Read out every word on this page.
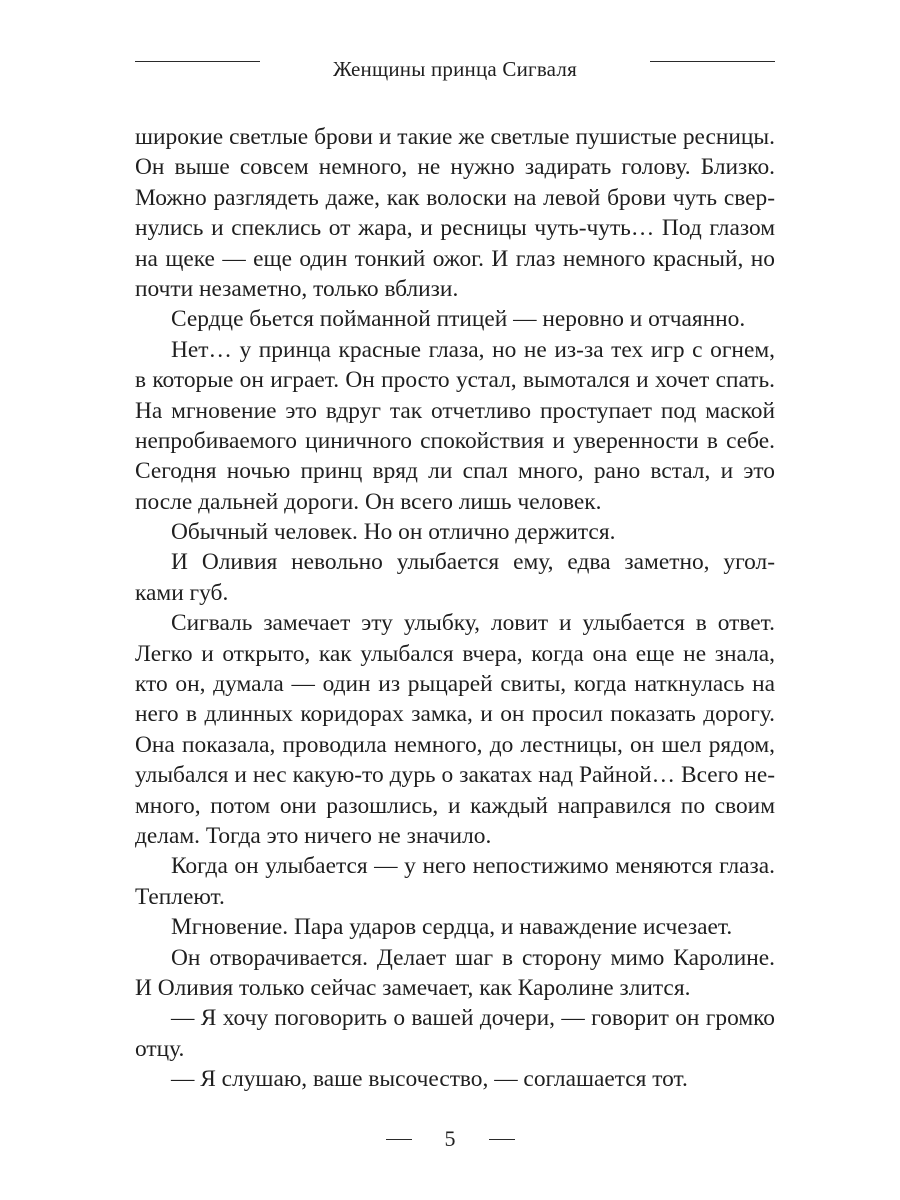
Женщины принца Сигваля
широкие светлые брови и такие же светлые пушистые ресницы.
Он выше совсем немного, не нужно задирать голову. Близко.
Можно разглядеть даже, как волоски на левой брови чуть свер-
нулись и спеклись от жара, и ресницы чуть-чуть… Под глазом
на щеке — еще один тонкий ожог. И глаз немного красный, но
почти незаметно, только вблизи.
Сердце бьется пойманной птицей — неровно и отчаянно.
Нет… у принца красные глаза, но не из-за тех игр с огнем,
в которые он играет. Он просто устал, вымотался и хочет спать.
На мгновение это вдруг так отчетливо проступает под маской
непробиваемого циничного спокойствия и уверенности в себе.
Сегодня ночью принц вряд ли спал много, рано встал, и это
после дальней дороги. Он всего лишь человек.
Обычный человек. Но он отлично держится.
И Оливия невольно улыбается ему, едва заметно, угол-
ками губ.
Сигваль замечает эту улыбку, ловит и улыбается в ответ.
Легко и открыто, как улыбался вчера, когда она еще не знала,
кто он, думала — один из рыцарей свиты, когда наткнулась на
него в длинных коридорах замка, и он просил показать дорогу.
Она показала, проводила немного, до лестницы, он шел рядом,
улыбался и нес какую-то дурь о закатах над Райной… Всего не-
много, потом они разошлись, и каждый направился по своим
делам. Тогда это ничего не значило.
Когда он улыбается — у него непостижимо меняются глаза.
Теплеют.
Мгновение. Пара ударов сердца, и наваждение исчезает.
Он отворачивается. Делает шаг в сторону мимо Каролине.
И Оливия только сейчас замечает, как Каролине злится.
— Я хочу поговорить о вашей дочери, — говорит он громко
отцу.
— Я слушаю, ваше высочество, — соглашается тот.
5
